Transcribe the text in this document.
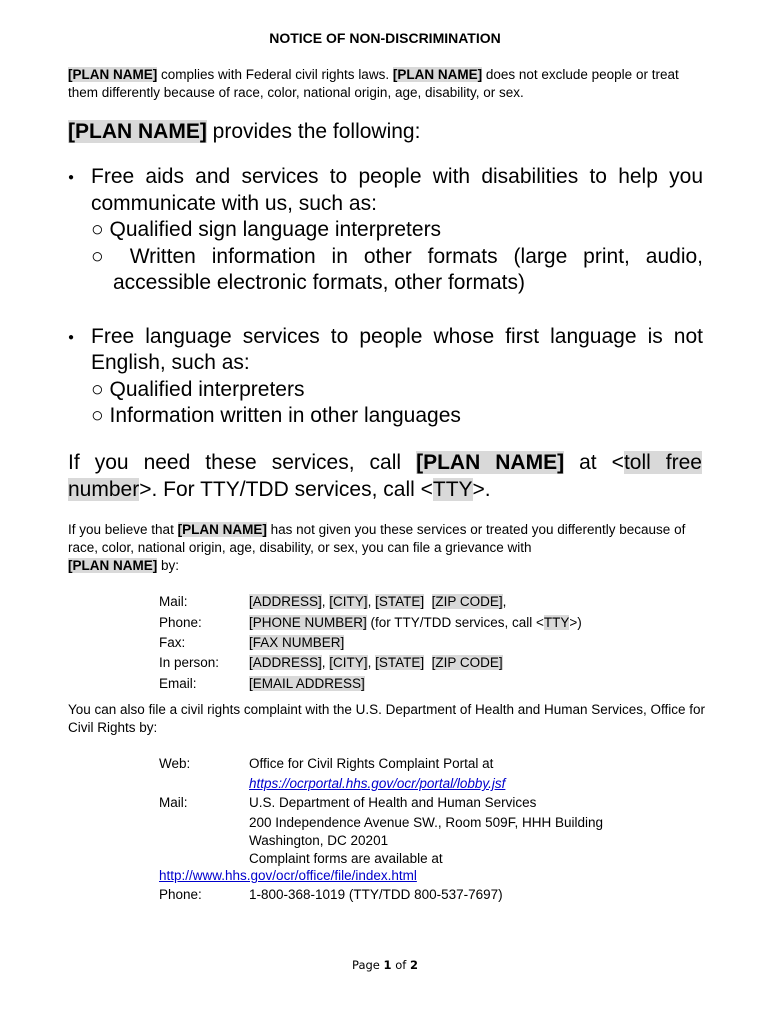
NOTICE OF NON-DISCRIMINATION
[PLAN NAME] complies with Federal civil rights laws. [PLAN NAME] does not exclude people or treat them differently because of race, color, national origin, age, disability, or sex.
[PLAN NAME] provides the following:
● Free aids and services to people with disabilities to help you
communicate with us, such as:
○ Qualified sign language interpreters
○ Written information in other formats (large print, audio,
accessible electronic formats, other formats)
● Free language services to people whose first language is not
English, such as:
○ Qualified interpreters
○ Information written in other languages
If you need these services, call [PLAN NAME] at <toll free
number>. For TTY/TDD services, call <TTY>.
If you believe that [PLAN NAME] has not given you these services or treated you differently because of race, color, national origin, age, disability, or sex, you can file a grievance with
[PLAN NAME] by:
Mail:	[ADDRESS], [CITY], [STATE] [ZIP CODE],
Phone:	[PHONE NUMBER] (for TTY/TDD services, call <TTY>)
Fax:	[FAX NUMBER]
In person: [ADDRESS], [CITY], [STATE] [ZIP CODE]
Email:	[EMAIL ADDRESS]
You can also file a civil rights complaint with the U.S. Department of Health and Human Services, Office for Civil Rights by:
Web:	Office for Civil Rights Complaint Portal at
https://ocrportal.hhs.gov/ocr/portal/lobby.jsf
Mail:	U.S. Department of Health and Human Services
200 Independence Avenue SW., Room 509F, HHH Building
Washington, DC 20201
Complaint forms are available at
http://www.hhs.gov/ocr/office/file/index.html
Phone:	1-800-368-1019 (TTY/TDD 800-537-7697)
Page 1 of 2
